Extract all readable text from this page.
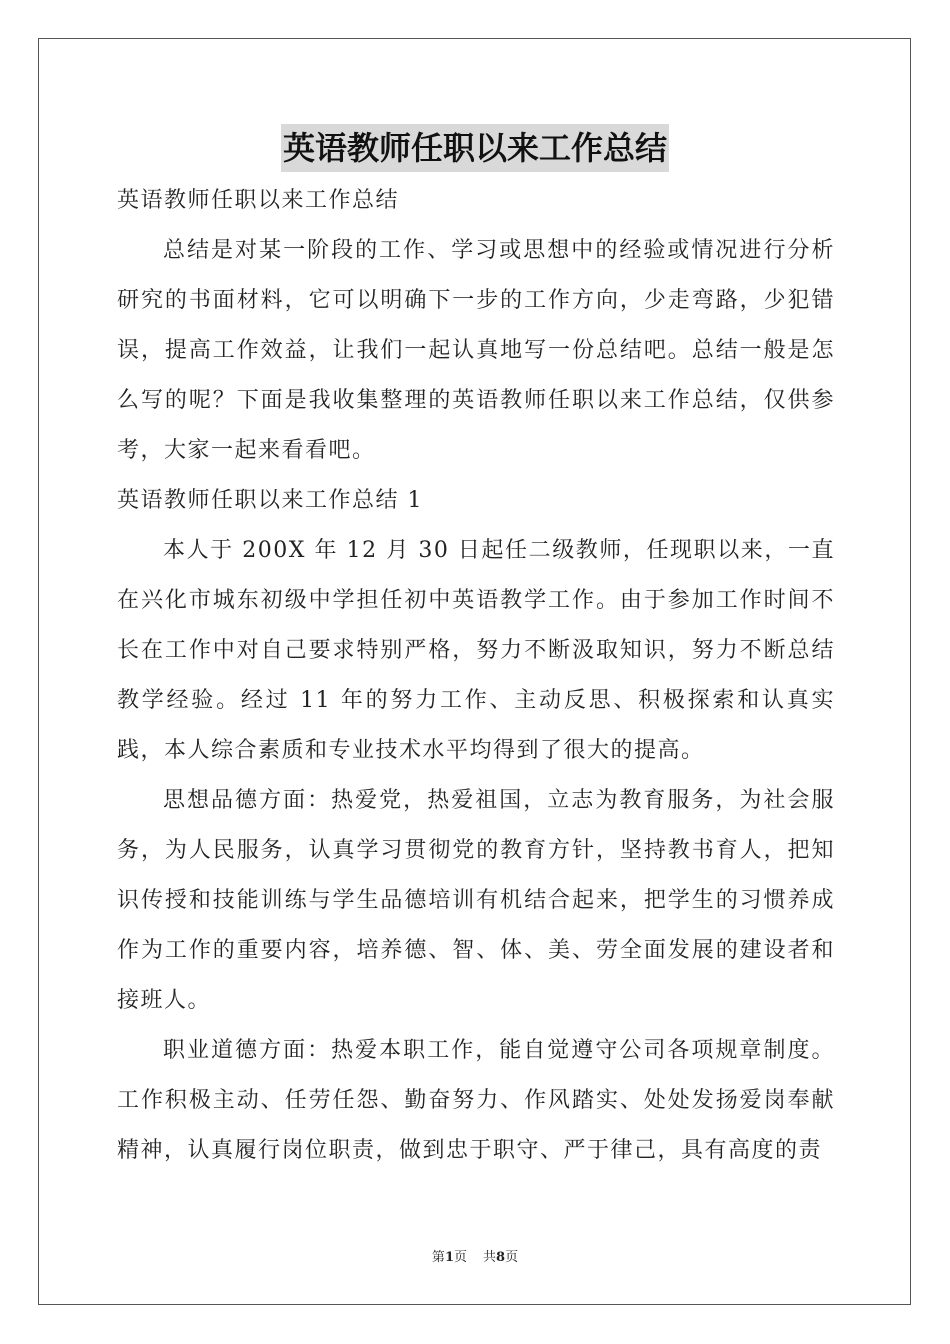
英语教师任职以来工作总结

英语教师任职以来工作总结

总结是对某一阶段的工作、学习或思想中的经验或情况进行分析研究的书面材料，它可以明确下一步的工作方向，少走弯路，少犯错误，提高工作效益，让我们一起认真地写一份总结吧。总结一般是怎么写的呢？下面是我收集整理的英语教师任职以来工作总结，仅供参考，大家一起来看看吧。

英语教师任职以来工作总结 1

本人于 200X 年 12 月 30 日起任二级教师，任现职以来，一直在兴化市城东初级中学担任初中英语教学工作。由于参加工作时间不长在工作中对自己要求特别严格，努力不断汲取知识，努力不断总结教学经验。经过 11 年的努力工作、主动反思、积极探索和认真实践，本人综合素质和专业技术水平均得到了很大的提高。

思想品德方面：热爱党，热爱祖国，立志为教育服务，为社会服务，为人民服务，认真学习贯彻党的教育方针，坚持教书育人，把知识传授和技能训练与学生品德培训有机结合起来，把学生的习惯养成作为工作的重要内容，培养德、智、体、美、劳全面发展的建设者和接班人。

职业道德方面：热爱本职工作，能自觉遵守公司各项规章制度。工作积极主动、任劳任怨、勤奋努力、作风踏实、处处发扬爱岗奉献精神，认真履行岗位职责，做到忠于职守、严于律己，具有高度的责

第1页 共8页
